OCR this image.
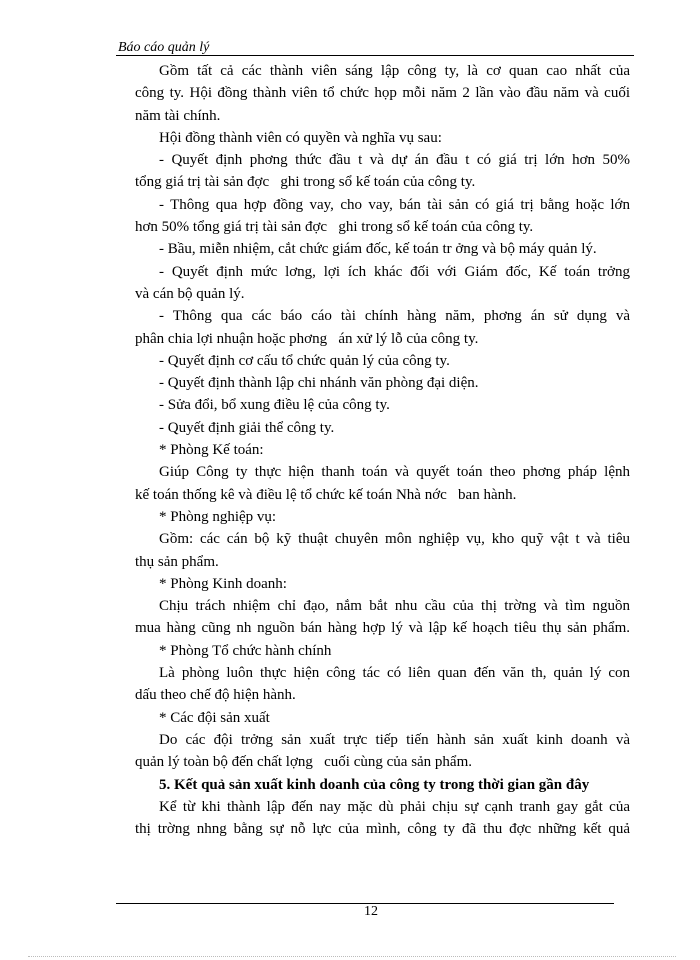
Báo cáo quản lý
Gồm tất cả các thành viên sáng lập công ty, là cơ quan cao nhất của
công ty. Hội đồng thành viên tổ chức họp mỗi năm 2 lần vào đầu năm và cuối
năm tài chính.
Hội đồng thành viên có quyền và nghĩa vụ sau:
- Quyết định phơng thức đầu t và dự án đầu t có giá trị lớn hơn 50%
tổng giá trị tài sản đợc   ghi trong sổ kế toán của công ty.
- Thông qua hợp đồng vay, cho vay, bán tài sản có giá trị bằng hoặc lớn
hơn 50% tổng giá trị tài sản đợc   ghi trong sổ kế toán của công ty.
- Bầu, miễn nhiệm, cắt chức giám đốc, kế toán tr ởng và bộ máy quản lý.
- Quyết định mức lơng, lợi ích khác đối với Giám đốc, Kế toán trởng
và cán bộ quản lý.
- Thông qua các báo cáo tài chính hàng năm, phơng án sử dụng và
phân chia lợi nhuận hoặc phơng   án xử lý lỗ của công ty.
- Quyết định cơ cấu tổ chức quản lý của công ty.
- Quyết định thành lập chi nhánh văn phòng đại diện.
- Sửa đổi, bổ xung điều lệ của công ty.
- Quyết định giải thể công ty.
* Phòng Kế toán:
Giúp Công ty thực hiện thanh toán và quyết toán theo phơng pháp lệnh
kế toán thống kê và điều lệ tổ chức kế toán Nhà nớc   ban hành.
* Phòng nghiệp vụ:
Gồm: các cán bộ kỹ thuật chuyên môn nghiệp vụ, kho quỹ vật t và tiêu
thụ sản phẩm.
* Phòng Kinh doanh:
Chịu trách nhiệm chỉ đạo, nắm bắt nhu cầu của thị trờng và tìm nguồn
mua hàng cũng nh nguồn bán hàng hợp lý và lập kế hoạch tiêu thụ sản phẩm.
* Phòng Tổ chức hành chính
Là phòng luôn thực hiện công tác có liên quan đến văn th, quản lý con
dấu theo chế độ hiện hành.
* Các đội sản xuất
Do các đội trởng sản xuất trực tiếp tiến hành sản xuất kinh doanh và
quản lý toàn bộ đến chất lợng   cuối cùng của sản phẩm.
5. Kết quả sản xuất kinh doanh của công ty trong thời gian gần đây
Kể từ khi thành lập đến nay mặc dù phải chịu sự cạnh tranh gay gắt của
thị trờng nhng bằng sự nỗ lực của mình, công ty đã thu đợc những kết quả
12
